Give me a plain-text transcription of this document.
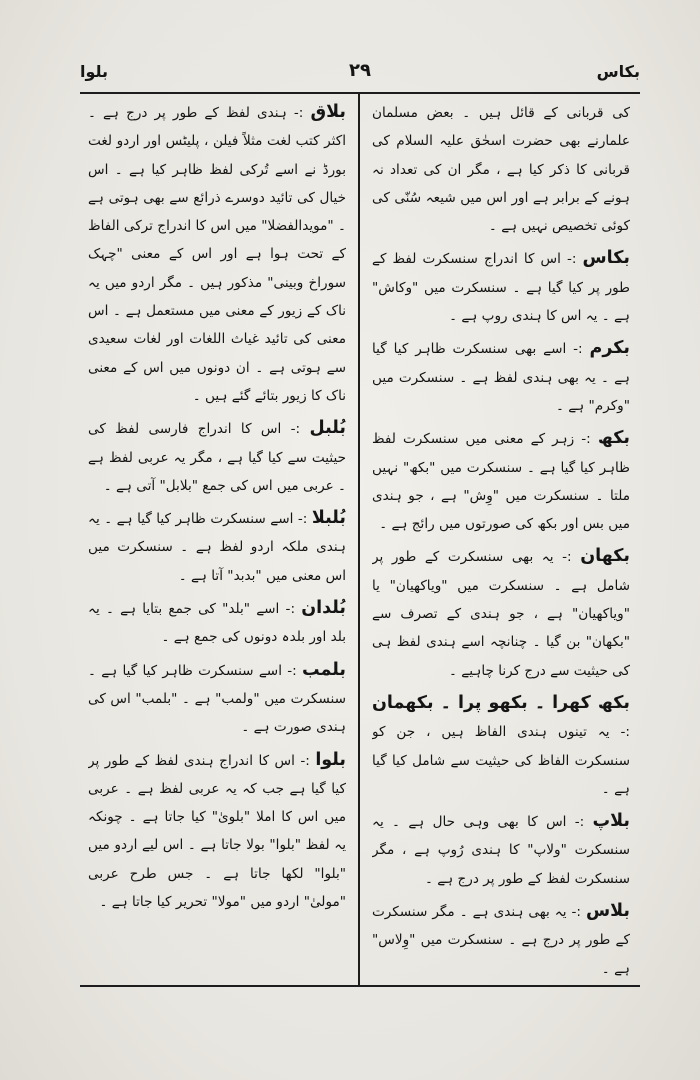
بکاس
۲۹
بلوا

کی قربانی کے قائل ہیں ۔ بعض مسلمان علمارنے بھی حضرت اسحٰق علیہ السلام کی قربانی کا ذکر کیا ہے ، مگر ان کی تعداد نہ ہونے کے برابر ہے اور اس میں شیعہ سُنّی کی کوئی تخصیص نہیں ہے ۔

بکاس :- اس کا اندراج سنسکرت لفظ کے طور پر کیا گیا ہے ۔ سنسکرت میں "وکاش" ہے ۔ یہ اس کا ہندی روپ ہے ۔

بکرم :- اسے بھی سنسکرت ظاہر کیا گیا ہے ۔ یہ بھی ہندی لفظ ہے ۔ سنسکرت میں "وکرم" ہے ۔

بکھ :- زہر کے معنی میں سنسکرت لفظ ظاہر کیا گیا ہے ۔ سنسکرت میں "بکھ" نہیں ملتا ۔ سنسکرت میں "وِش" ہے ، جو ہندی میں بس اور بکھ کی صورتوں میں رائج ہے ۔

بکھان :- یہ بھی سنسکرت کے طور پر شامل ہے ۔ سنسکرت میں "ویاکھیان" یا "ویاکھیان" ہے ، جو ہندی کے تصرف سے "بکھان" بن گیا ۔ چنانچہ اسے ہندی لفظ ہی کی حیثیت سے درج کرنا چاہیے ۔

بکھ کھرا ۔ بکھو پرا ۔ بکھمان :- یہ تینوں ہندی الفاظ ہیں ، جن کو سنسکرت الفاظ کی حیثیت سے شامل کیا گیا ہے ۔

بلاپ :- اس کا بھی وہی حال ہے ۔ یہ سنسکرت "ولاپ" کا ہندی رُوپ ہے ، مگر سنسکرت لفظ کے طور پر درج ہے ۔

بلاس :- یہ بھی ہندی ہے ۔ مگر سنسکرت کے طور پر درج ہے ۔ سنسکرت میں "وِلاس" ہے ۔

بلاق :- ہندی لفظ کے طور پر درج ہے ۔ اکثر کتب لغت مثلاً فیلن ، پلیٹس اور اردو لغت بورڈ نے اسے تُرکی لفظ ظاہر کیا ہے ۔ اس خیال کی تائید دوسرے ذرائع سے بھی ہوتی ہے ۔ "مویدالفضلا" میں اس کا اندراج ترکی الفاظ کے تحت ہوا ہے اور اس کے معنی "چہک سوراخ وبینی" مذکور ہیں ۔ مگر اردو میں یہ ناک کے زیور کے معنی میں مستعمل ہے ۔ اس معنی کی تائید غیاث اللغات اور لغات سعیدی سے ہوتی ہے ۔ ان دونوں میں اس کے معنی ناک کا زیور بتائے گئے ہیں ۔

بُلبل :- اس کا اندراج فارسی لفظ کی حیثیت سے کیا گیا ہے ، مگر یہ عربی لفظ ہے ۔ عربی میں اس کی جمع "بلابل" آتی ہے ۔

بُلبلا :- اسے سنسکرت ظاہر کیا گیا ہے ۔ یہ ہندی ملکہ اردو لفظ ہے ۔ سنسکرت میں اس معنی میں "بدبد" آتا ہے ۔

بُلدان :- اسے "بلد" کی جمع بتایا ہے ۔ یہ بلد اور بلدہ دونوں کی جمع ہے ۔

بلمب :- اسے سنسکرت ظاہر کیا گیا ہے ۔ سنسکرت میں "ولمب" ہے ۔ "بلمب" اس کی ہندی صورت ہے ۔

بلوا :- اس کا اندراج ہندی لفظ کے طور پر کیا گیا ہے جب کہ یہ عربی لفظ ہے ۔ عربی میں اس کا املا "بلویٰ" کیا جاتا ہے ۔ چونکہ یہ لفظ "بلوا" بولا جاتا ہے ۔ اس لیے اردو میں "بلوا" لکھا جاتا ہے ۔ جس طرح عربی "مولیٰ" اردو میں "مولا" تحریر کیا جاتا ہے ۔
